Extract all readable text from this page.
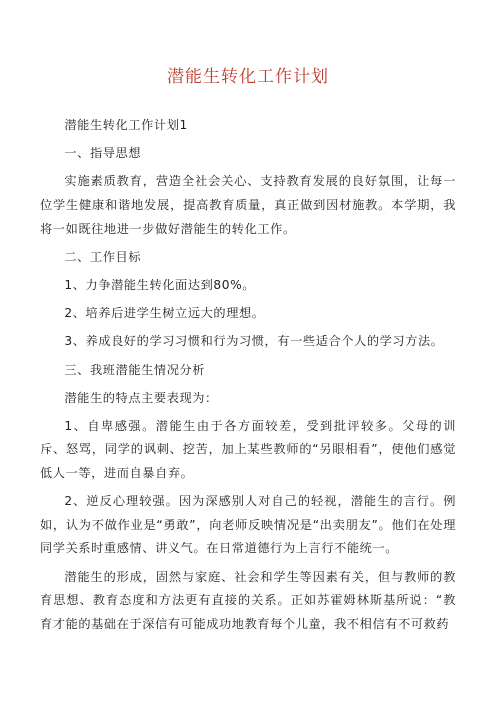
潜能生转化工作计划

潜能生转化工作计划1

一、指导思想

实施素质教育，营造全社会关心、支持教育发展的良好氛围，让每一位学生健康和谐地发展，提高教育质量，真正做到因材施教。本学期，我将一如既往地进一步做好潜能生的转化工作。

二、工作目标

1、力争潜能生转化面达到80%。

2、培养后进学生树立远大的理想。

3、养成良好的学习习惯和行为习惯，有一些适合个人的学习方法。

三、我班潜能生情况分析

潜能生的特点主要表现为：

1、自卑感强。潜能生由于各方面较差，受到批评较多。父母的训斥、怒骂，同学的讽刺、挖苦，加上某些教师的“另眼相看”，使他们感觉低人一等，进而自暴自弃。

2、逆反心理较强。因为深感别人对自己的轻视，潜能生的言行。例如，认为不做作业是“勇敢”，向老师反映情况是“出卖朋友”。他们在处理同学关系时重感情、讲义气。在日常道德行为上言行不能统一。

潜能生的形成，固然与家庭、社会和学生等因素有关，但与教师的教育思想、教育态度和方法更有直接的关系。正如苏霍姆林斯基所说：“教育才能的基础在于深信有可能成功地教育每个儿童，我不相信有不可救药
